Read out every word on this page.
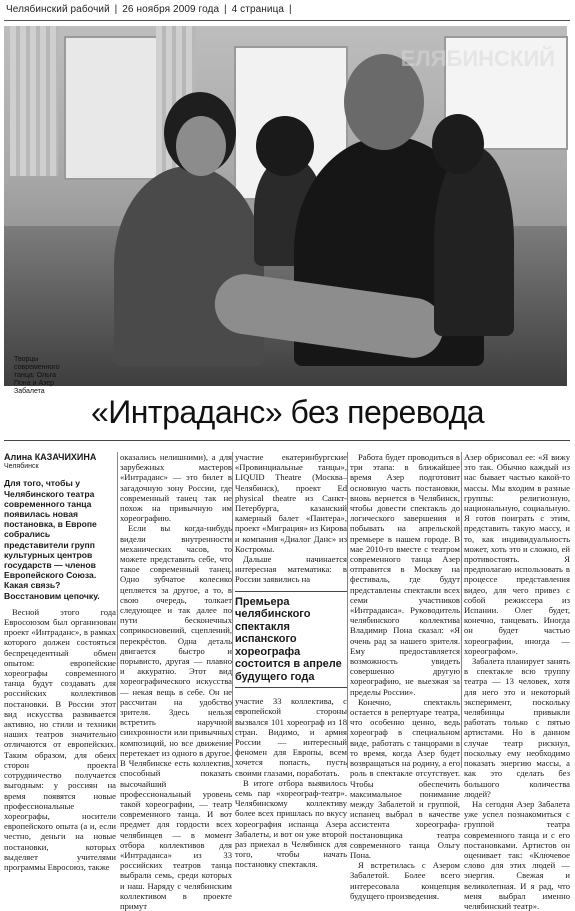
Челябинский рабочий | 26 ноября 2009 года | 4 страница |
ЕЛЯБИНСКИЙ
Творцы современного танца: Ольга Пона и Азер Забалета
«Интраданс» без перевода
Алина КАЗАЧИХИНА
Челябинск
Для того, чтобы у Челябинского театра современного танца появилась новая постановка, в Европе собрались представители групп культурных центров государств — членов Европейского Союза. Какая связь? Восстановим цепочку.

Весной этого года Евросоюзом был организован проект «Интраданс», в рамках которого должен состояться беспрецедентный обмен опытом: европейские хореографы современного танца будут создавать для российских коллективов постановки. В России этот вид искусства развивается активно, но стили и техники наших театров значительно отличаются от европейских. Таким образом, для обеих сторон проекта сотрудничество получается выгодным: у россиян на время появятся новые профессиональные хореографы, носители европейского опыта (а и, если честно, деньги на новые постановки, которых выделяет учителями программы Евросоюз, также

оказались нелишними), а для зарубежных мастеров «Интраданс» — это билет в загадочную зону России, где современный танец так не похож на привычную им хореографию.

Если вы когда-нибудь видели внутренности механических часов, то можете представить себе, что такое современный танец. Одно зубчатое колесико цепляется за другое, а то, в свою очередь, толкает следующее и так далее по пути бесконечных соприкосновений, сцеплений, перекрёстов. Одна деталь двигается быстро и порывисто, другая — плавно и аккуратно. Этот вид хореографического искусства — некая вещь в себе. Он не рассчитан на удобство зрителя. Здесь нельзя встретить наручной синхронности или привычных композиций, но все движение перетекает из одного в другое. В Челябинске есть коллектив, способный показать высочайший профессиональный уровень такой хореографии, — театр современного танца. И вот предмет для гордости всех челябинцев — в момент отбора коллективов для «Интраданса» из 33 российских театров танца выбрали семь, среди которых и наш. Наряду с челябинским коллективом в проекте примут

участие екатеринбургские «Провинциальные танцы», LIQUID Theatre (Москва–Челябинск), проект Ed physical theatre из Санкт-Петербурга, казанский камерный балет «Пантера», проект «Миграция» из Кирова и компания «Диалог Данс» из Костромы.

Дальше начинается интересная математика: в России заявились на

Премьера челябинского спектакля испанского хореографа состоится в апреле будущего года

участие 33 коллектива, с европейской стороны вызвался 101 хореограф из 18 стран. Видимо, и армия России — интересный феномен для Европы, всем хочется попасть, пусть своими глазами, поработать.

В итоге отбора выявилось семь пар «хореограф-театр». Челябинскому коллективу более всех пришлась по вкусу хореография испанца Азера Забалеты, и вот он уже второй раз приехал в Челябинск для того, чтобы начать постановку спектакля.

Работа будет проводиться в три этапа: в ближайшее время Азер подготовит основную часть постановки, вновь вернется в Челябинск, чтобы довести спектакль до логического завершения и побывать на апрельской премьере в нашем городе. В мае 2010-го вместе с театром современного танца Азер отправится в Москву на фестиваль, где будут представлены спектакли всех семи участников «Интраданса». Руководитель челябинского коллектива Владимир Пона сказал: «Я очень рад за нашего зрителя. Ему предоставляется возможность увидеть совершенно другую хореографию, не выезжая за пределы России».

Конечно, спектакль остается в репертуаре театра, что особенно ценно, ведь хореограф в специальном виде, работать с танцорами в то время, когда Азер будет возвращаться на родину, а его роль в спектакле отсутствует. Чтобы обеспечить максимальное понимание между Забалетой и группой, испанец выбрал в качестве ассистента хореографа-постановщика театра современного танца Ольгу Пона.

Я встретилась с Азером Забалетой. Более всего интересовала концепция будущего произведения.

Азер обрисовал ее: «Я вижу это так. Обычно каждый из нас бывает частью какой-то массы. Мы входим в разные группы: религиозную, национальную, социальную. Я готов поиграть с этим, представить такую массу, и то, как индивидуальность может, хоть это и сложно, ей противостоять. Я предполагаю использовать в процессе представления видео, для чего привез с собой режиссера из Испании. Олег будет, конечно, танцевать. Иногда он будет частью хореографии, иногда — хореографом».

Забалета планирует занять в спектакле всю труппу театра — 13 человек, хотя для него это и некоторый эксперимент, поскольку челябинцы привыкли работать только с пятью артистами. Но в данном случае театр рискнул, поскольку ему необходимо показать энергию массы, а как это сделать без большого количества людей?

На сегодня Азер Забалета уже успел познакомиться с группой театра современного танца и с его постановками. Артистов он оценивает так: «Ключевое слово для этих людей — энергия. Свежая и великолепная. И я рад, что меня выбрал именно челябинский театр».
